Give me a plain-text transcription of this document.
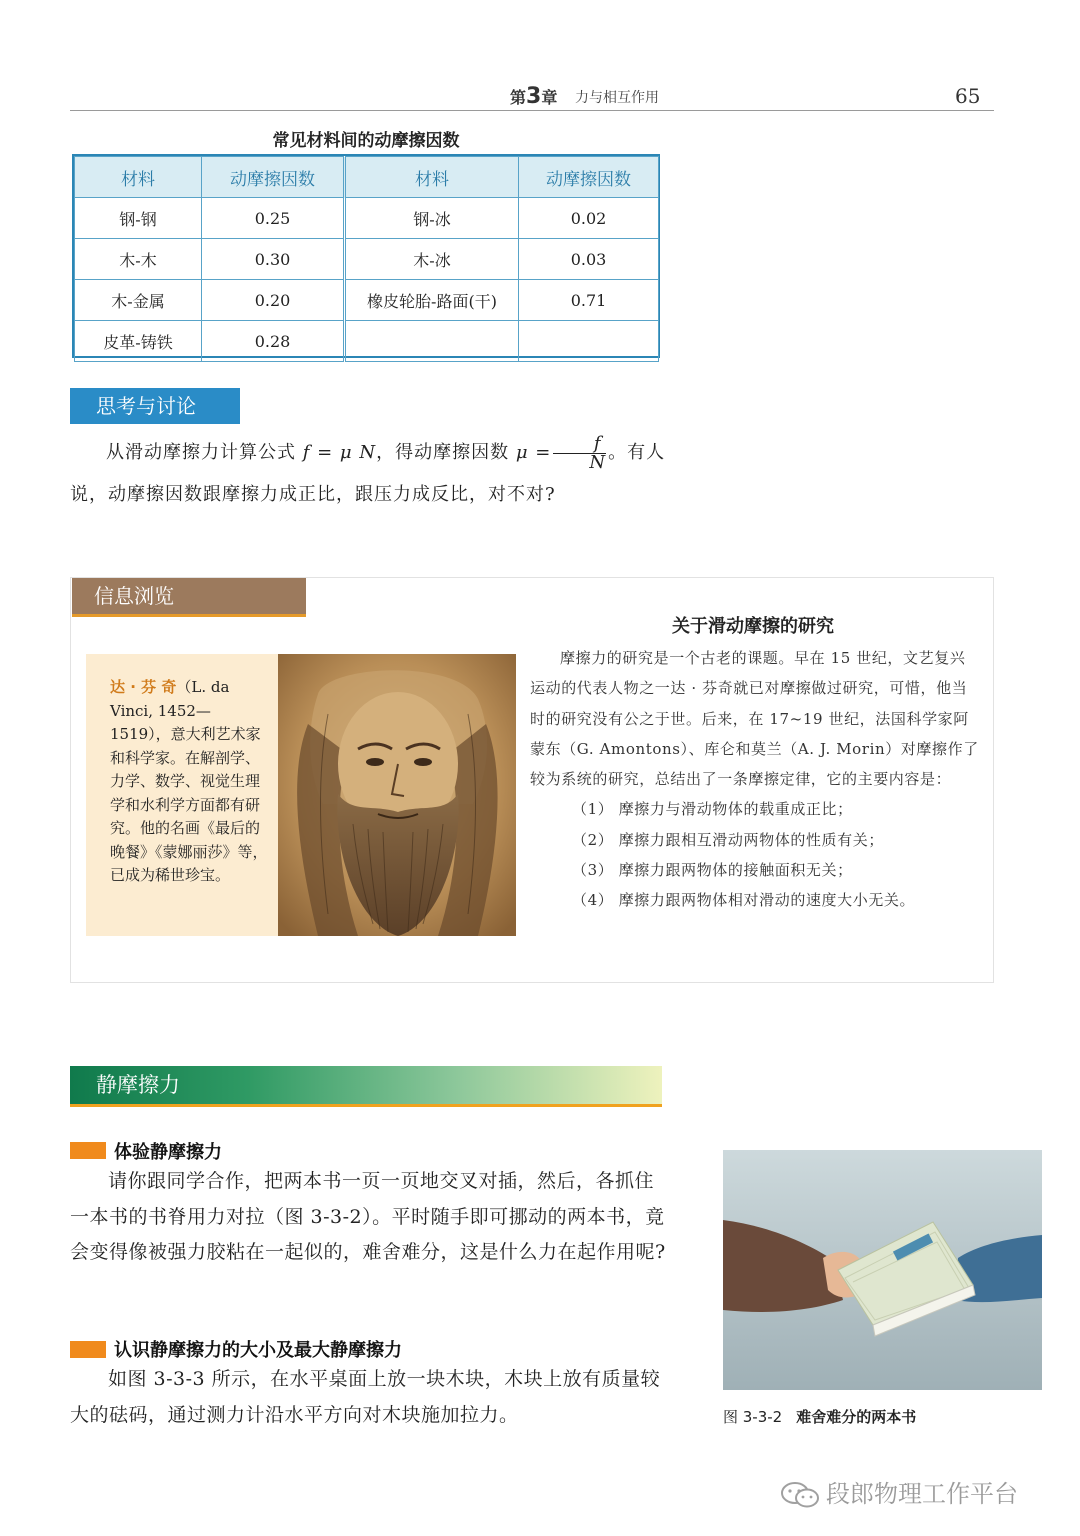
第3章 力与相互作用	65
常见材料间的动摩擦因数
材料	动摩擦因数	材料	动摩擦因数
钢-钢	0.25	钢-冰	0.02
木-木	0.30	木-冰	0.03
木-金属	0.20	橡皮轮胎-路面(干)	0.71
皮革-铸铁	0.28		
思考与讨论
从滑动摩擦力计算公式 f = μ N，得动摩擦因数 $\mu = \frac{f}{N}$ 。有人说，动摩擦因数跟摩擦力成正比，跟压力成反比，对不对?
信息浏览
达 · 芬 奇（L. da Vinci, 1452—1519），意大利艺术家和科学家。在解剖学、力学、数学、视觉生理学和水利学方面都有研究。他的名画《最后的晚餐》《蒙娜丽莎》等，已成为稀世珍宝。
关于滑动摩擦的研究
摩擦力的研究是一个古老的课题。早在 15 世纪，文艺复兴运动的代表人物之一达 · 芬奇就已对摩擦做过研究，可惜，他当时的研究没有公之于世。后来，在 17~19 世纪，法国科学家阿蒙东（G. Amontons）、库仑和莫兰（A. J. Morin）对摩擦作了较为系统的研究，总结出了一条摩擦定律，它的主要内容是：
（1） 摩擦力与滑动物体的载重成正比；
（2） 摩擦力跟相互滑动两物体的性质有关；
（3） 摩擦力跟两物体的接触面积无关；
（4） 摩擦力跟两物体相对滑动的速度大小无关。
静摩擦力
体验静摩擦力
请你跟同学合作，把两本书一页一页地交叉对插，然后，各抓住一本书的书脊用力对拉（图 3-3-2）。平时随手即可挪动的两本书，竟会变得像被强力胶粘在一起似的，难舍难分，这是什么力在起作用呢?
认识静摩擦力的大小及最大静摩擦力
如图 3-3-3 所示，在水平桌面上放一块木块，木块上放有质量较大的砝码，通过测力计沿水平方向对木块施加拉力。	图 3-3-2 难舍难分的两本书
段郎物理工作平台
